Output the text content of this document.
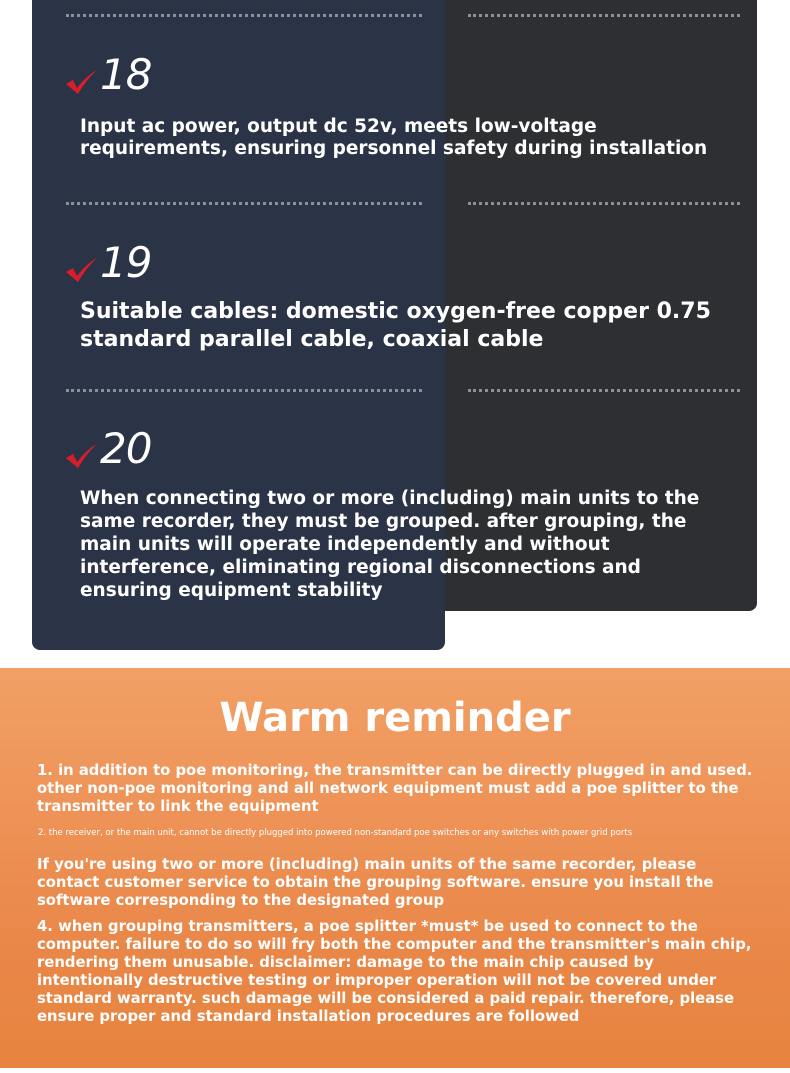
18
Input ac power, output dc 52v, meets low-voltage requirements, ensuring personnel safety during installation
19
Suitable cables: domestic oxygen-free copper 0.75 standard parallel cable, coaxial cable
20
When connecting two or more (including) main units to the same recorder, they must be grouped. after grouping, the main units will operate independently and without interference, eliminating regional disconnections and ensuring equipment stability
Warm reminder
1. in addition to poe monitoring, the transmitter can be directly plugged in and used. other non-poe monitoring and all network equipment must add a poe splitter to the transmitter to link the equipment
2. the receiver, or the main unit, cannot be directly plugged into powered non-standard poe switches or any switches with power grid ports
If you're using two or more (including) main units of the same recorder, please contact customer service to obtain the grouping software. ensure you install the software corresponding to the designated group
4. when grouping transmitters, a poe splitter *must* be used to connect to the computer. failure to do so will fry both the computer and the transmitter's main chip, rendering them unusable. disclaimer: damage to the main chip caused by intentionally destructive testing or improper operation will not be covered under standard warranty. such damage will be considered a paid repair. therefore, please ensure proper and standard installation procedures are followed
